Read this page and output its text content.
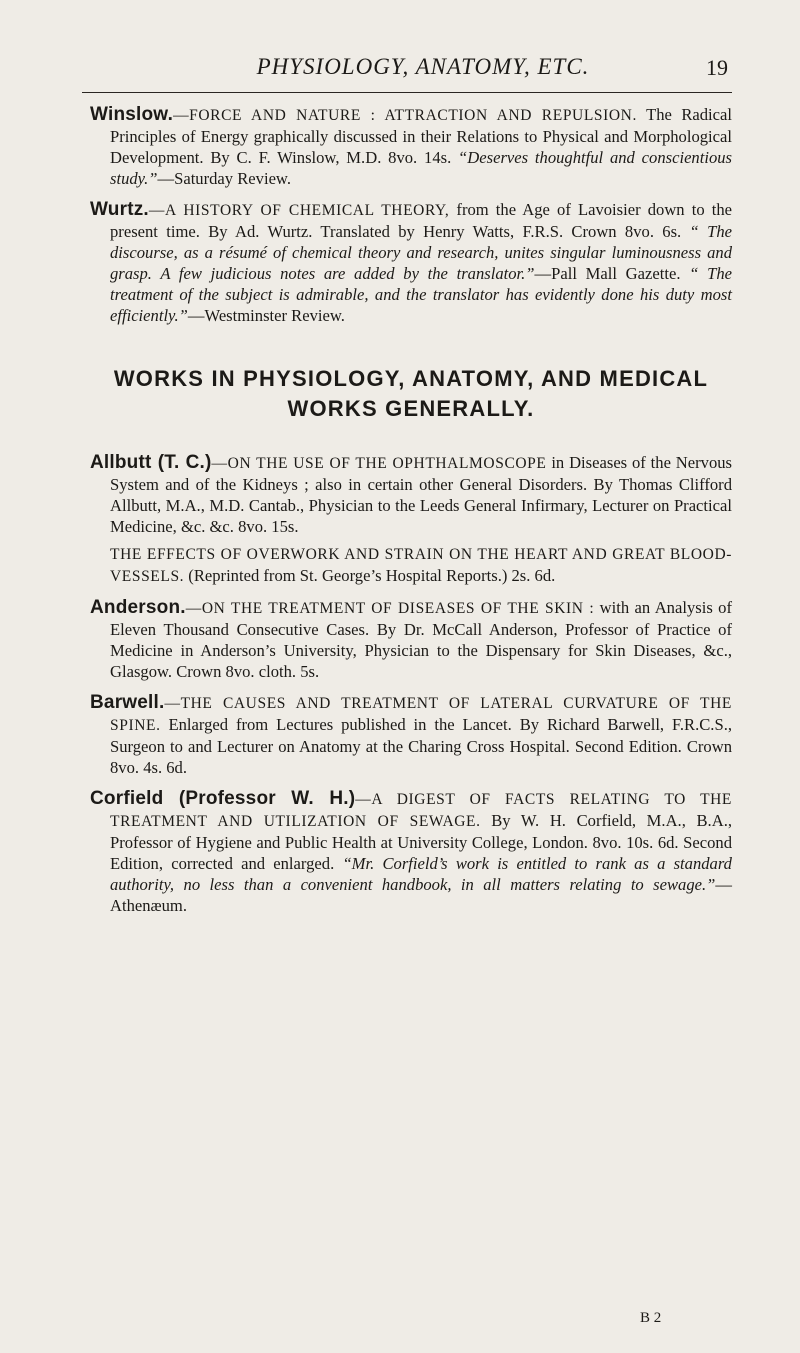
PHYSIOLOGY, ANATOMY, ETC.	19

Winslow.—FORCE AND NATURE : ATTRACTION AND REPULSION. The Radical Principles of Energy graphically discussed in their Relations to Physical and Morphological Development. By C. F. Winslow, M.D. 8vo. 14s. “Deserves thoughtful and conscientious study.”—Saturday Review.

Wurtz.—A HISTORY OF CHEMICAL THEORY, from the Age of Lavoisier down to the present time. By Ad. Wurtz. Translated by Henry Watts, F.R.S. Crown 8vo. 6s. “ The discourse, as a résumé of chemical theory and research, unites singular luminousness and grasp. A few judicious notes are added by the translator.”—Pall Mall Gazette. “ The treatment of the subject is admirable, and the translator has evidently done his duty most efficiently.”—Westminster Review.

WORKS IN PHYSIOLOGY, ANATOMY, AND MEDICAL WORKS GENERALLY.

Allbutt (T. C.)—ON THE USE OF THE OPHTHALMOSCOPE in Diseases of the Nervous System and of the Kidneys ; also in certain other General Disorders. By Thomas Clifford Allbutt, M.A., M.D. Cantab., Physician to the Leeds General Infirmary, Lecturer on Practical Medicine, &c. &c. 8vo. 15s.

THE EFFECTS OF OVERWORK AND STRAIN ON THE HEART AND GREAT BLOOD-VESSELS. (Reprinted from St. George’s Hospital Reports.) 2s. 6d.

Anderson.—ON THE TREATMENT OF DISEASES OF THE SKIN : with an Analysis of Eleven Thousand Consecutive Cases. By Dr. McCall Anderson, Professor of Practice of Medicine in Anderson’s University, Physician to the Dispensary for Skin Diseases, &c., Glasgow. Crown 8vo. cloth. 5s.

Barwell.—THE CAUSES AND TREATMENT OF LATERAL CURVATURE OF THE SPINE. Enlarged from Lectures published in the Lancet. By Richard Barwell, F.R.C.S., Surgeon to and Lecturer on Anatomy at the Charing Cross Hospital. Second Edition. Crown 8vo. 4s. 6d.

Corfield (Professor W. H.)—A DIGEST OF FACTS RELATING TO THE TREATMENT AND UTILIZATION OF SEWAGE. By W. H. Corfield, M.A., B.A., Professor of Hygiene and Public Health at University College, London. 8vo. 10s. 6d. Second Edition, corrected and enlarged. “Mr. Corfield’s work is entitled to rank as a standard authority, no less than a convenient handbook, in all matters relating to sewage.”—Athenæum.

B 2
